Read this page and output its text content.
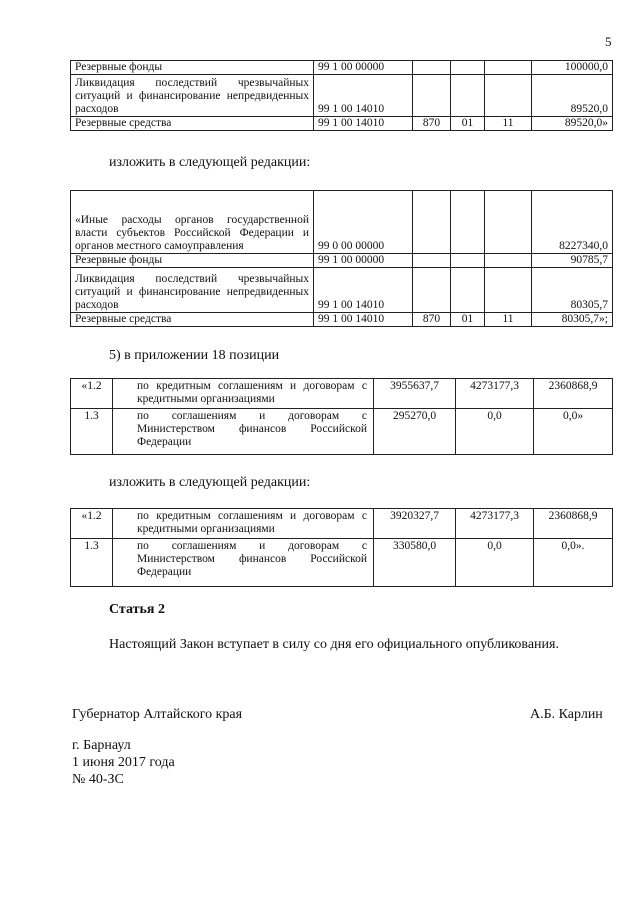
5
Резервные фонды	99 1 00 00000				100000,0
Ликвидация последствий чрезвычайных ситуаций и финансирование непредвиденных расходов	99 1 00 14010				89520,0
Резервные средства	99 1 00 14010	870	01	11	89520,0»
изложить в следующей редакции:
«Иные расходы органов государственной власти субъектов Российской Федерации и органов местного самоуправления	99 0 00 00000				8227340,0
Резервные фонды	99 1 00 00000				90785,7
Ликвидация последствий чрезвычайных ситуаций и финансирование непредвиденных расходов	99 1 00 14010				80305,7
Резервные средства	99 1 00 14010	870	01	11	80305,7»;
5) в приложении 18 позиции
«1.2	по кредитным соглашениям и договорам с кредитными организациями	3955637,7	4273177,3	2360868,9
1.3	по соглашениям и договорам с Министерством финансов Российской Федерации	295270,0	0,0	0,0»
изложить в следующей редакции:
«1.2	по кредитным соглашениям и договорам с кредитными организациями	3920327,7	4273177,3	2360868,9
1.3	по соглашениям и договорам с Министерством финансов Российской Федерации	330580,0	0,0	0,0».
Статья 2
Настоящий Закон вступает в силу со дня его официального опубликования.
Губернатор Алтайского края	А.Б. Карлин
г. Барнаул
1 июня 2017 года
№ 40-ЗС
